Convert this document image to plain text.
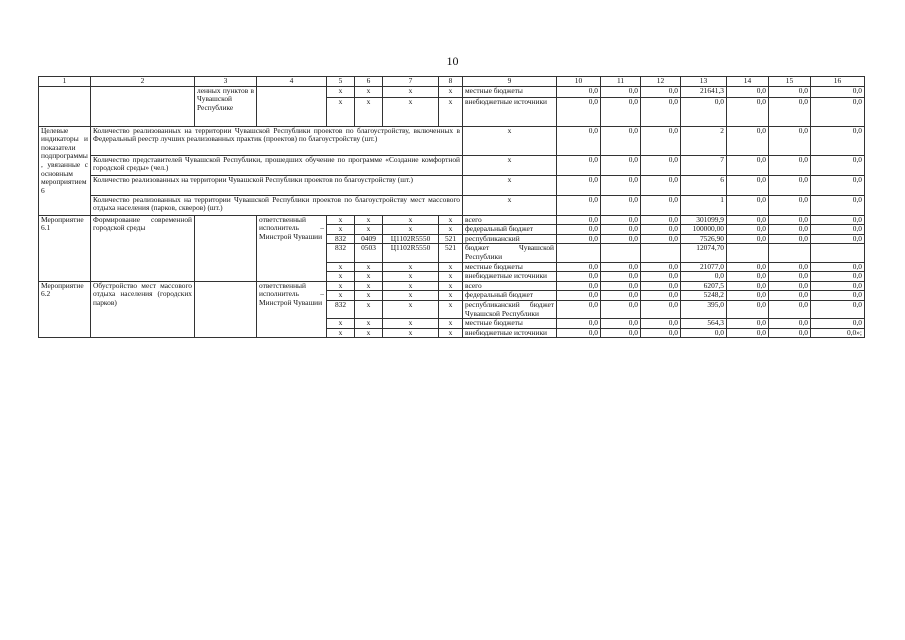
10
1	2	3	4	5	6	7	8	9	10	11	12	13	14	15	16
		ленных пунктов в Чувашской Республике		x	x	x	x	местные бюджеты	0,0	0,0	0,0	21641,3	0,0	0,0	0,0
				x	x	x	x	внебюджетные источники	0,0	0,0	0,0	0,0	0,0	0,0	0,0
Целевые индикаторы и показатели подпрограммы, увязанные с основным мероприятием 6	Количество реализованных на территории Чувашской Республики проектов по благоустройству, включенных в Федеральный реестр лучших реализованных практик (проектов) по благоустройству (шт.)							x	0,0	0,0	0,0	2	0,0	0,0	0,0
	Количество представителей Чувашской Республики, прошедших обучение по программе «Создание комфортной городской среды» (чел.)							x	0,0	0,0	0,0	7	0,0	0,0	0,0
	Количество реализованных на территории Чувашской Республики проектов по благоустройству (шт.)							x	0,0	0,0	0,0	6	0,0	0,0	0,0
	Количество реализованных на территории Чувашской Республики проектов по благоустройству мест массового отдыха населения (парков, скверов) (шт.)							x	0,0	0,0	0,0	1	0,0	0,0	0,0
Мероприятие 6.1	Формирование современной городской среды		ответственный исполнитель – Минстрой Чувашии	x	x	x	x	всего	0,0	0,0	0,0	301099,9	0,0	0,0	0,0
				x	x	x	x	федеральный бюджет	0,0	0,0	0,0	100000,00	0,0	0,0	0,0
				832	0409	Ц1102R5550	521	республиканский	0,0	0,0	0,0	7526,90	0,0	0,0	0,0
				832	0503	Ц1102R5550	521	бюджет Чувашской Республики				12074,70			
				x	x	x	x	местные бюджеты	0,0	0,0	0,0	21077,0	0,0	0,0	0,0
				x	x	x	x	внебюджетные источники	0,0	0,0	0,0	0,0	0,0	0,0	0,0
Мероприятие 6.2	Обустройство мест массового отдыха населения (городских парков)		ответственный исполнитель – Минстрой Чувашии	x	x	x	x	всего	0,0	0,0	0,0	6207,5	0,0	0,0	0,0
				x	x	x	x	федеральный бюджет	0,0	0,0	0,0	5248,2	0,0	0,0	0,0
				832	x	x	x	республиканский бюджет Чувашской Республики	0,0	0,0	0,0	395,0	0,0	0,0	0,0
				x	x	x	x	местные бюджеты	0,0	0,0	0,0	564,3	0,0	0,0	0,0
				x	x	x	x	внебюджетные источники	0,0	0,0	0,0	0,0	0,0	0,0	0,0»;
